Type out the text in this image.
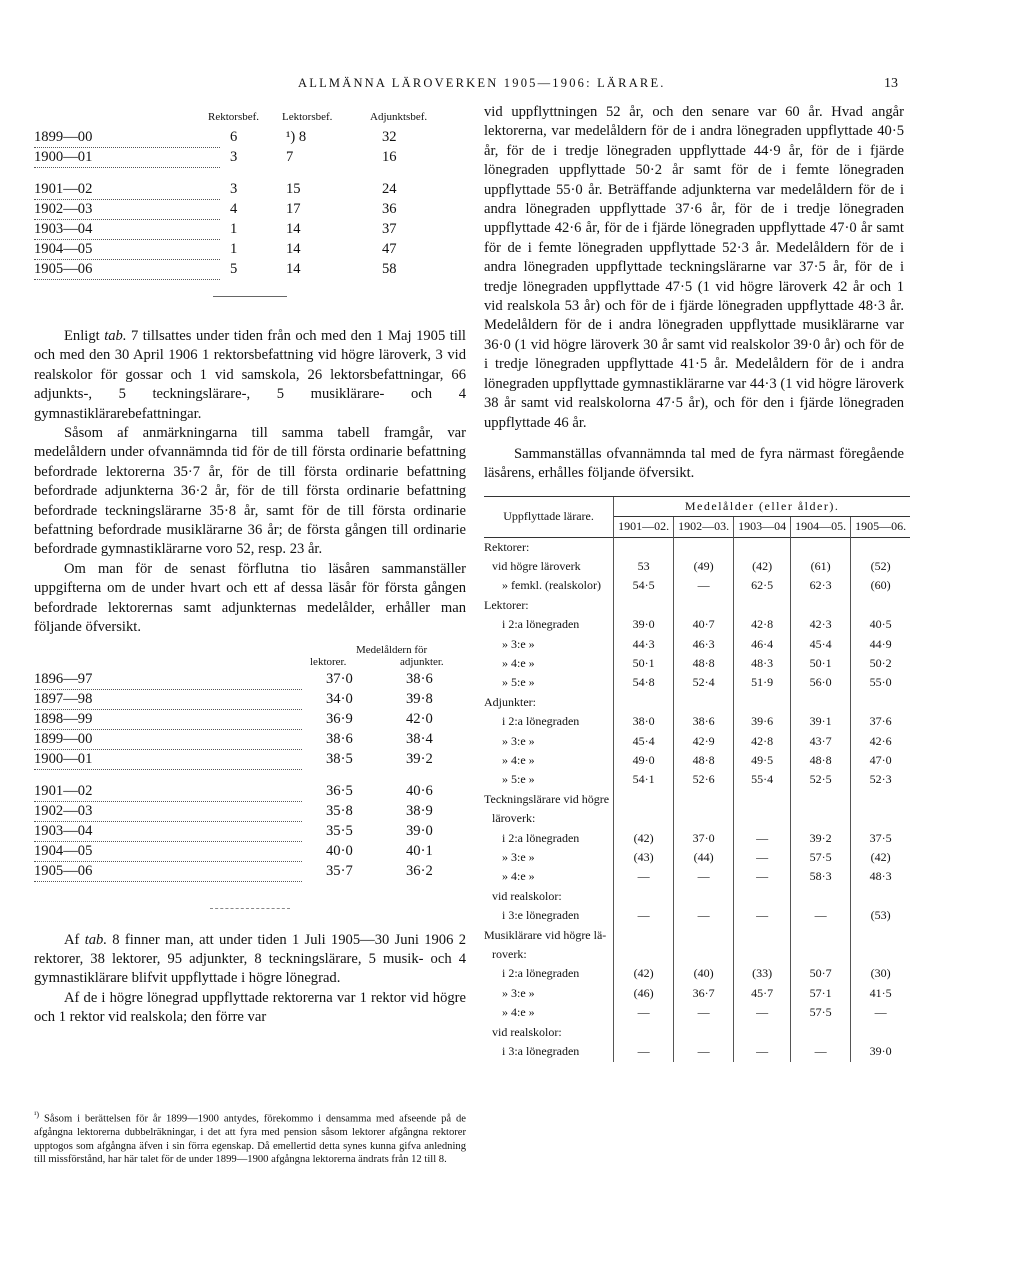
ALLMÄNNA LÄROVERKEN 1905—1906: LÄRARE.	13
Rektorsbef. Lektorsbef.	Adjunktsbef.
1899—00	6	¹) 8	32
1900—01	3	7	16
1901—02	3	15	24
1902—03	4	17	36
1903—04	1	14	37
1904—05	1	14	47
1905—06	5	14	58

Enligt tab. 7 tillsattes under tiden från och med den 1 Maj 1905 till och med den 30 April 1906 1 rektorsbefattning vid högre läroverk, 3 vid realskolor för gossar och 1 vid samskola, 26 lektorsbefattningar, 66 adjunkts-, 5 teckningslärare-, 5 musiklärare- och 4 gymnastiklärarebefattningar.

Såsom af anmärkningarna till samma tabell framgår, var medelåldern under ofvannämnda tid för de till första ordinarie befattning befordrade lektorerna 35·7 år, för de till första ordinarie befattning befordrade adjunkterna 36·2 år, för de till första ordinarie befattning befordrade teckningslärarne 35·8 år, samt för de till första ordinarie befattning befordrade musiklärarne 36 år; de första gången till ordinarie befordrade gymnastiklärarne voro 52, resp. 23 år.

Om man för de senast förflutna tio läsåren sammanställer uppgifterna om de under hvart och ett af dessa läsår för första gången befordrade lektorernas samt adjunkternas medelålder, erhåller man följande öfversikt.

Medelåldern för
lektorer.	adjunkter.
1896—97	37·0	38·6
1897—98	34·0	39·8
1898—99	36·9	42·0
1899—00	38·6	38·4
1900—01	38·5	39·2
1901—02	36·5	40·6
1902—03	35·8	38·9
1903—04	35·5	39·0
1904—05	40·0	40·1
1905—06	35·7	36·2

Af tab. 8 finner man, att under tiden 1 Juli 1905—30 Juni 1906 2 rektorer, 38 lektorer, 95 adjunkter, 8 teckningslärare, 5 musik- och 4 gymnastiklärare blifvit uppflyttade i högre lönegrad.

Af de i högre lönegrad uppflyttade rektorerna var 1 rektor vid högre och 1 rektor vid realskola; den förre var

$^{^1)}$ Såsom i berättelsen för år 1899—1900 antydes, förekommo i densamma med afseende på de afgångna lektorerna dubbelräkningar, i det att fyra med pension såsom lektorer afgångna rektorer upptogos som afgångna äfven i sin förra egenskap. Då emellertid detta synes kunna gifva anledning till missförstånd, har här talet för de under 1899—1900 afgångna lektorerna ändrats från 12 till 8.

vid uppflyttningen 52 år, och den senare var 60 år. Hvad angår lektorerna, var medelåldern för de i andra lönegraden uppflyttade 40·5 år, för de i tredje lönegraden uppflyttade 44·9 år, för de i fjärde lönegraden uppflyttade 50·2 år samt för de i femte lönegraden uppflyttade 55·0 år. Beträffande adjunkterna var medelåldern för de i andra lönegraden uppflyttade 37·6 år, för de i tredje lönegraden uppflyttade 42·6 år, för de i fjärde lönegraden uppflyttade 47·0 år samt för de i femte lönegraden uppflyttade 52·3 år. Medelåldern för de i andra lönegraden uppflyttade teckningslärarne var 37·5 år, för de i tredje lönegraden uppflyttade 47·5 (1 vid högre läroverk 42 år och 1 vid realskola 53 år) och för de i fjärde lönegraden uppflyttade 48·3 år. Medelåldern för de i andra lönegraden uppflyttade musiklärarne var 36·0 (1 vid högre läroverk 30 år samt vid realskolor 39·0 år) och för de i tredje lönegraden uppflyttade 41·5 år. Medelåldern för de i andra lönegraden uppflyttade gymnastiklärarne var 44·3 (1 vid högre läroverk 38 år samt vid realskolorna 47·5 år), och för den i fjärde lönegraden uppflyttade 46 år.

Sammanställas ofvannämnda tal med de fyra närmast föregående läsårens, erhålles följande öfversikt.

Uppflyttade lärare.	Medelålder (eller ålder).				
	1901—02.	1902—03.	1903—04	1904—05.	1905—06.
Rektorer:					
vid högre läroverk	53	(49)	(42)	(61)	(52)
» femkl. (realskolor)	54·5	—	62·5	62·3	(60)
Lektorer:					
i 2:a lönegraden	39·0	40·7	42·8	42·3	40·5
» 3:e »	44·3	46·3	46·4	45·4	44·9
» 4:e »	50·1	48·8	48·3	50·1	50·2
» 5:e »	54·8	52·4	51·9	56·0	55·0
Adjunkter:					
i 2:a lönegraden	38·0	38·6	39·6	39·1	37·6
» 3:e »	45·4	42·9	42·8	43·7	42·6
» 4:e »	49·0	48·8	49·5	48·8	47·0
» 5:e »	54·1	52·6	55·4	52·5	52·3
Teckningslärare vid högre					
läroverk:					
i 2:a lönegraden	(42)	37·0	—	39·2	37·5
» 3:e »	(43)	(44)	—	57·5	(42)
» 4:e »	—	—	—	58·3	48·3
vid realskolor:					
i 3:e lönegraden	—	—	—	—	(53)
Musiklärare vid högre lä-					
roverk:					
i 2:a lönegraden	(42)	(40)	(33)	50·7	(30)
» 3:e »	(46)	36·7	45·7	57·1	41·5
» 4:e »	—	—	—	57·5	—
vid realskolor:					
i 3:a lönegraden	—	—	—	—	39·0
